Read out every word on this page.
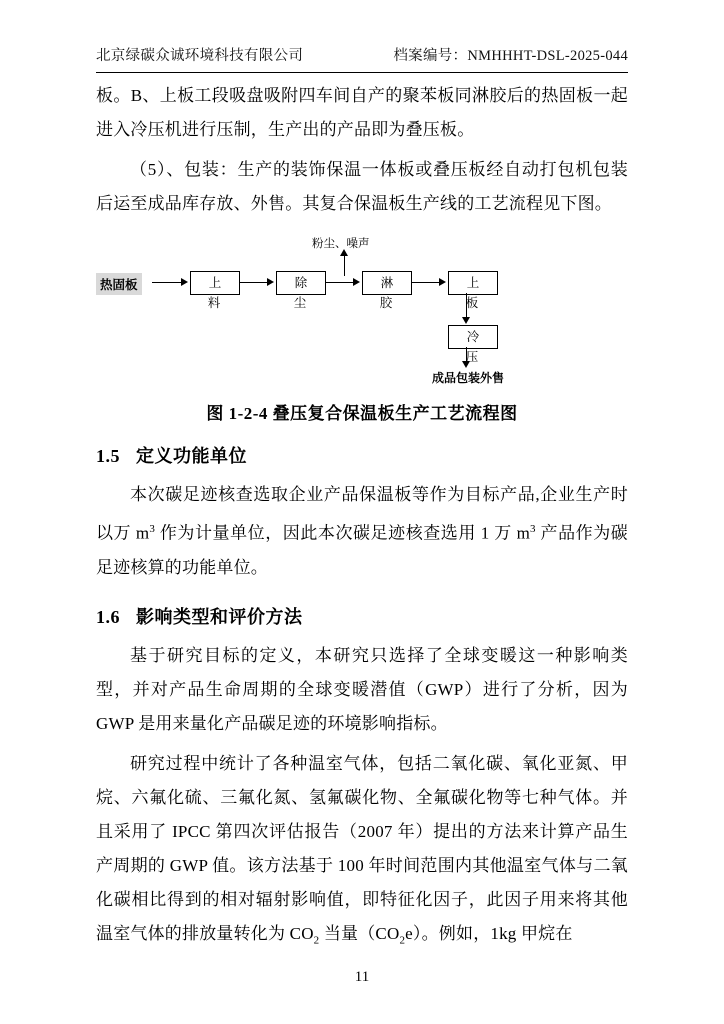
北京绿碳众诚环境科技有限公司	档案编号：NMHHHT-DSL-2025-044

板。B、上板工段吸盘吸附四车间自产的聚苯板同淋胶后的热固板一起进入冷压机进行压制，生产出的产品即为叠压板。

（5）、包装：生产的装饰保温一体板或叠压板经自动打包机包装后运至成品库存放、外售。其复合保温板生产线的工艺流程见下图。

粉尘、噪声
热固板	上 料
除 尘
淋 胶
上 板
冷 压
成品包装外售
图 1-2-4 叠压复合保温板生产工艺流程图
1.5 定义功能单位

本次碳足迹核查选取企业产品保温板等作为目标产品,企业生产时以万 $m^3$ 作为计量单位，因此本次碳足迹核查选用 1 万 $m^3$ 产品作为碳足迹核算的功能单位。

1.6 影响类型和评价方法

基于研究目标的定义，本研究只选择了全球变暖这一种影响类型，并对产品生命周期的全球变暖潜值（GWP）进行了分析，因为 GWP 是用来量化产品碳足迹的环境影响指标。

研究过程中统计了各种温室气体，包括二氧化碳、氧化亚氮、甲烷、六氟化硫、三氟化氮、氢氟碳化物、全氟碳化物等七种气体。并且采用了 IPCC 第四次评估报告（2007 年）提出的方法来计算产品生产周期的 GWP 值。该方法基于 100 年时间范围内其他温室气体与二氧化碳相比得到的相对辐射影响值，即特征化因子，此因子用来将其他温室气体的排放量转化为 $CO_2$ 当量$(CO_2e)$。例如，1kg 甲烷在

11
